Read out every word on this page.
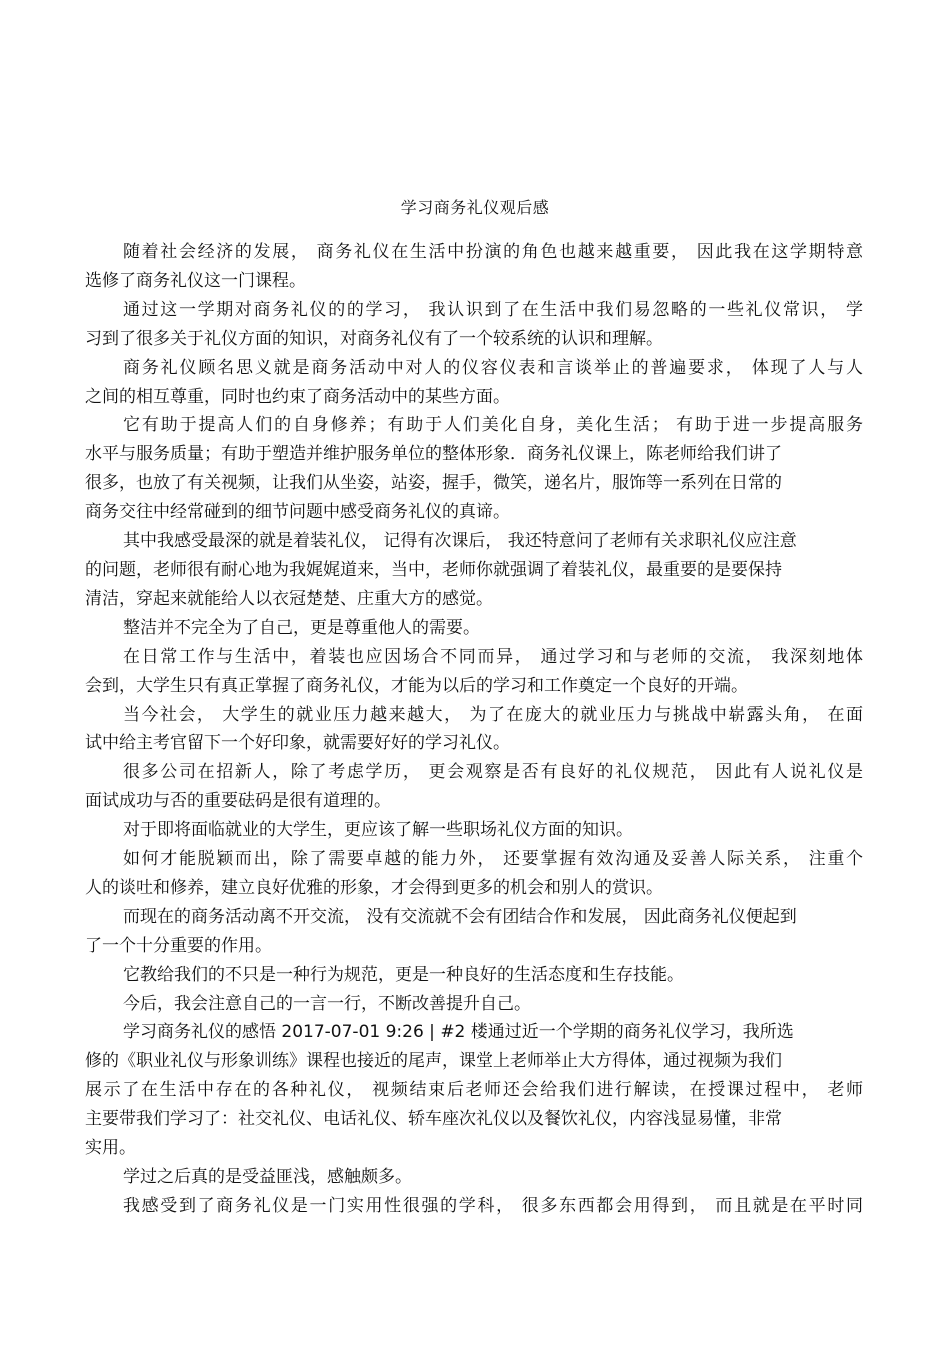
学习商务礼仪观后感
随着社会经济的发展， 商务礼仪在生活中扮演的角色也越来越重要， 因此我在这学期特意
选修了商务礼仪这一门课程。
通过这一学期对商务礼仪的的学习， 我认识到了在生活中我们易忽略的一些礼仪常识， 学
习到了很多关于礼仪方面的知识，对商务礼仪有了一个较系统的认识和理解。
商务礼仪顾名思义就是商务活动中对人的仪容仪表和言谈举止的普遍要求， 体现了人与人
之间的相互尊重，同时也约束了商务活动中的某些方面。
它有助于提高人们的自身修养；有助于人们美化自身，美化生活； 有助于进一步提高服务
水平与服务质量；有助于塑造并维护服务单位的整体形象．商务礼仪课上，陈老师给我们讲了
很多，也放了有关视频，让我们从坐姿，站姿，握手，微笑，递名片，服饰等一系列在日常的
商务交往中经常碰到的细节问题中感受商务礼仪的真谛。
其中我感受最深的就是着装礼仪， 记得有次课后， 我还特意问了老师有关求职礼仪应注意
的问题，老师很有耐心地为我娓娓道来，当中，老师你就强调了着装礼仪，最重要的是要保持
清洁，穿起来就能给人以衣冠楚楚、庄重大方的感觉。
整洁并不完全为了自己，更是尊重他人的需要。
在日常工作与生活中，着装也应因场合不同而异， 通过学习和与老师的交流， 我深刻地体
会到，大学生只有真正掌握了商务礼仪，才能为以后的学习和工作奠定一个良好的开端。
当今社会， 大学生的就业压力越来越大， 为了在庞大的就业压力与挑战中崭露头角， 在面
试中给主考官留下一个好印象，就需要好好的学习礼仪。
很多公司在招新人，除了考虑学历， 更会观察是否有良好的礼仪规范， 因此有人说礼仪是
面试成功与否的重要砝码是很有道理的。
对于即将面临就业的大学生，更应该了解一些职场礼仪方面的知识。
如何才能脱颖而出，除了需要卓越的能力外， 还要掌握有效沟通及妥善人际关系， 注重个
人的谈吐和修养，建立良好优雅的形象，才会得到更多的机会和别人的赏识。
而现在的商务活动离不开交流， 没有交流就不会有团结合作和发展， 因此商务礼仪便起到
了一个十分重要的作用。
它教给我们的不只是一种行为规范，更是一种良好的生活态度和生存技能。
今后，我会注意自己的一言一行，不断改善提升自己。
学习商务礼仪的感悟 2017-07-01 9:26 | #2 楼通过近一个学期的商务礼仪学习，我所选
修的《职业礼仪与形象训练》课程也接近的尾声，课堂上老师举止大方得体，通过视频为我们
展示了在生活中存在的各种礼仪， 视频结束后老师还会给我们进行解读，在授课过程中， 老师
主要带我们学习了：社交礼仪、电话礼仪、轿车座次礼仪以及餐饮礼仪，内容浅显易懂，非常
实用。
学过之后真的是受益匪浅，感触颇多。
我感受到了商务礼仪是一门实用性很强的学科， 很多东西都会用得到， 而且就是在平时同
